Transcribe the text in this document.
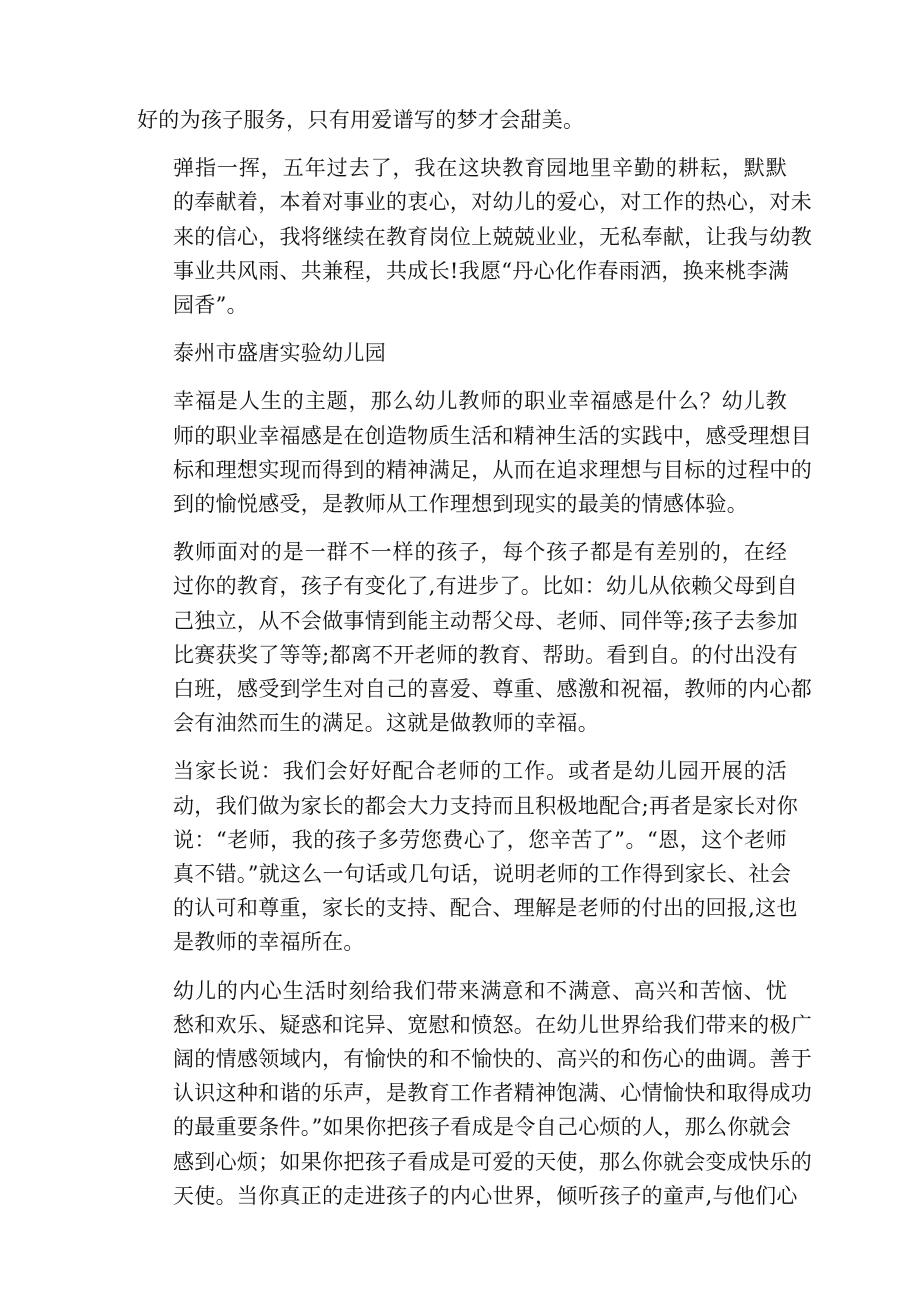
好的为孩子服务，只有用爱谱写的梦才会甜美。

弹指一挥，五年过去了，我在这块教育园地里辛勤的耕耘，默默
的奉献着，本着对事业的衷心，对幼儿的爱心，对工作的热心，对未
来的信心，我将继续在教育岗位上兢兢业业，无私奉献，让我与幼教
事业共风雨、共兼程，共成长!我愿“丹心化作春雨洒，换来桃李满
园香”。

泰州市盛唐实验幼儿园

幸福是人生的主题，那么幼儿教师的职业幸福感是什么？幼儿教
师的职业幸福感是在创造物质生活和精神生活的实践中，感受理想目
标和理想实现而得到的精神满足，从而在追求理想与目标的过程中的
到的愉悦感受，是教师从工作理想到现实的最美的情感体验。

教师面对的是一群不一样的孩子，每个孩子都是有差别的，在经
过你的教育，孩子有变化了,有进步了。比如：幼儿从依赖父母到自
己独立，从不会做事情到能主动帮父母、老师、同伴等;孩子去参加
比赛获奖了等等;都离不开老师的教育、帮助。看到自。的付出没有
白班，感受到学生对自己的喜爱、尊重、感激和祝福，教师的内心都
会有油然而生的满足。这就是做教师的幸福。

当家长说：我们会好好配合老师的工作。或者是幼儿园开展的活
动，我们做为家长的都会大力支持而且积极地配合;再者是家长对你
说：“老师，我的孩子多劳您费心了，您辛苦了”。“恩，这个老师
真不错。”就这么一句话或几句话，说明老师的工作得到家长、社会
的认可和尊重，家长的支持、配合、理解是老师的付出的回报,这也
是教师的幸福所在。

幼儿的内心生活时刻给我们带来满意和不满意、高兴和苦恼、忧
愁和欢乐、疑惑和诧异、宽慰和愤怒。在幼儿世界给我们带来的极广
阔的情感领域内，有愉快的和不愉快的、高兴的和伤心的曲调。善于
认识这种和谐的乐声，是教育工作者精神饱满、心情愉快和取得成功
的最重要条件。”如果你把孩子看成是令自己心烦的人，那么你就会
感到心烦；如果你把孩子看成是可爱的天使，那么你就会变成快乐的
天使。当你真正的走进孩子的内心世界，倾听孩子的童声,与他们心
